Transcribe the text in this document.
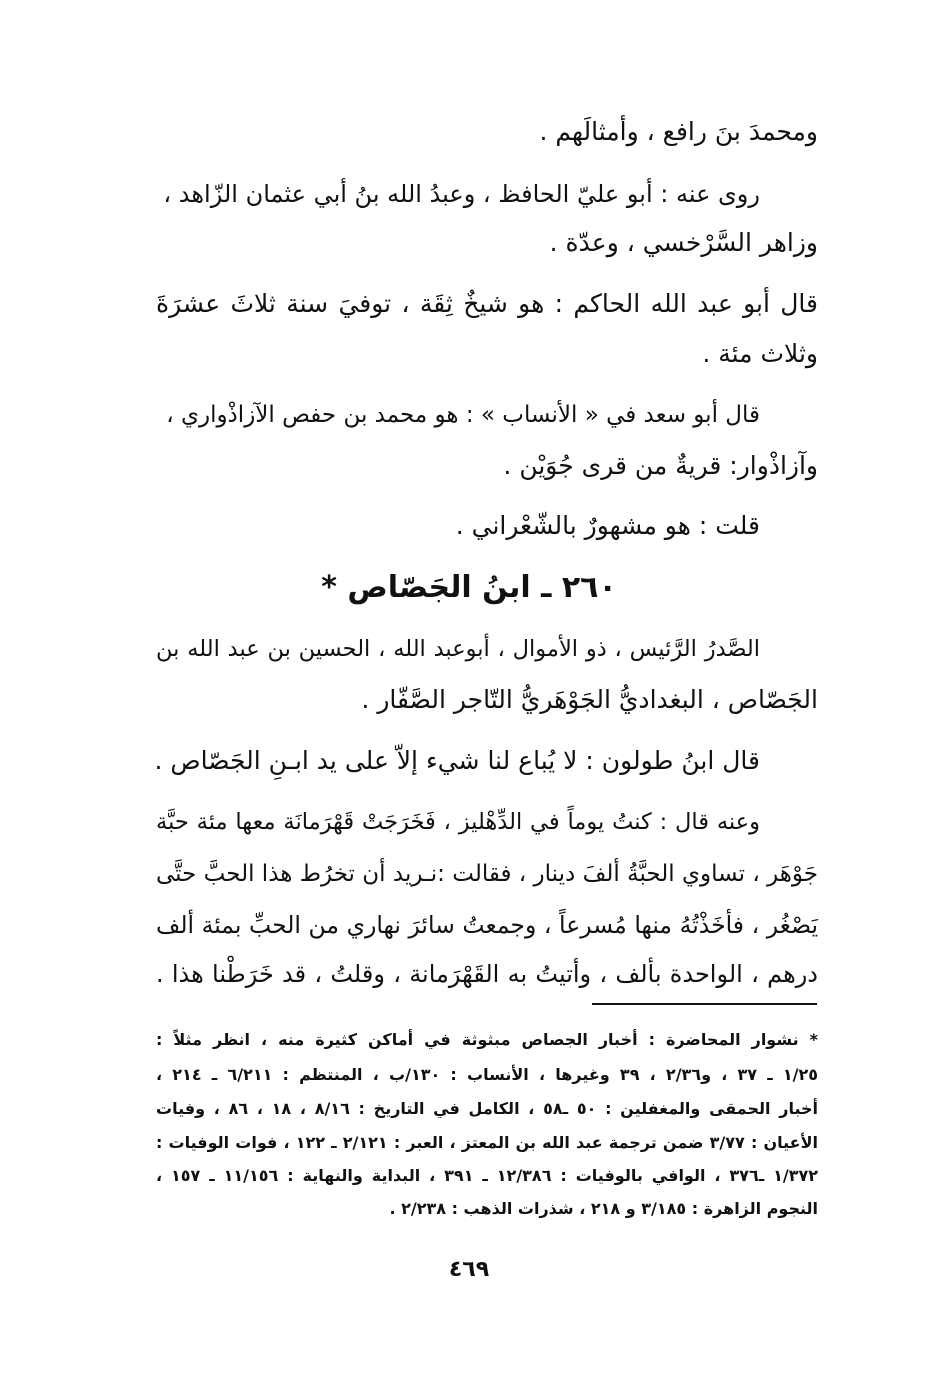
ومحمدَ بنَ رافع ، وأمثالَهم .
روى عنه : أبو عليّ الحافظ ، وعبدُ الله بنُ أبي عثمان الزّاهد ،
وزاهر السَّرْخسي ، وعدّة .
قال أبو عبد الله الحاكم : هو شيخٌ ثِقَة ، توفيَ سنة ثلاثَ عشرَةَ
وثلاث مئة .
قال أبو سعد في « الأنساب » : هو محمد بن حفص الآزاذْواري ،
وآزاذْوار: قريةٌ من قرى جُوَيْن .
قلت : هو مشهورٌ بالشّعْراني .
٢٦٠ ـ ابنُ الجَصّاص *
الصَّدرُ الرَّئيس ، ذو الأموال ، أبوعبد الله ، الحسين بن عبد الله بن
الجَصّاص ، البغداديُّ الجَوْهَريُّ التّاجر الصَّفّار .
قال ابنُ طولون : لا يُباع لنا شيء إلاّ على يد ابـنِ الجَصّاص .
وعنه قال : كنتُ يوماً في الدِّهْليز ، فَخَرَجَتْ قَهْرَمانَة معها مئة حبَّة
جَوْهَر ، تساوي الحبَّةُ ألفَ دينار ، فقالت :نـريد أن تخرُط هذا الحبَّ حتَّى
يَصْغُر ، فأخَذْتُهُ منها مُسرعاً ، وجمعتُ سائرَ نهاري من الحبِّ بمئة ألف
درهم ، الواحدة بألف ، وأتيتُ به القَهْرَمانة ، وقلتُ ، قد خَرَطْنا هذا .
* نشوار المحاضرة : أخبار الجصاص مبثوثة في أماكن كثيرة منه ، انظر مثلاً :
١/٢٥ ـ ٣٧ ، و٢/٣٦ ، ٣٩ وغيرها ، الأنساب : ١٣٠/ب ، المنتظم : ٦/٢١١ ـ ٢١٤ ،
أخبار الحمقى والمغفلين : ٥٠ ـ٥٨ ، الكامل في التاريخ : ٨/١٦ ، ١٨ ، ٨٦ ، وفيات
الأعيان : ٣/٧٧ ضمن ترجمة عبد الله بن المعتز ، العبر : ٢/١٢١ ـ ١٢٢ ، فوات الوفيات :
١/٣٧٢ ـ٣٧٦ ، الوافي بالوفيات : ١٢/٣٨٦ ـ ٣٩١ ، البداية والنهاية : ١١/١٥٦ ـ ١٥٧ ،
النجوم الزاهرة : ٣/١٨٥ و ٢١٨ ، شذرات الذهب : ٢/٢٣٨ .
٤٦٩
